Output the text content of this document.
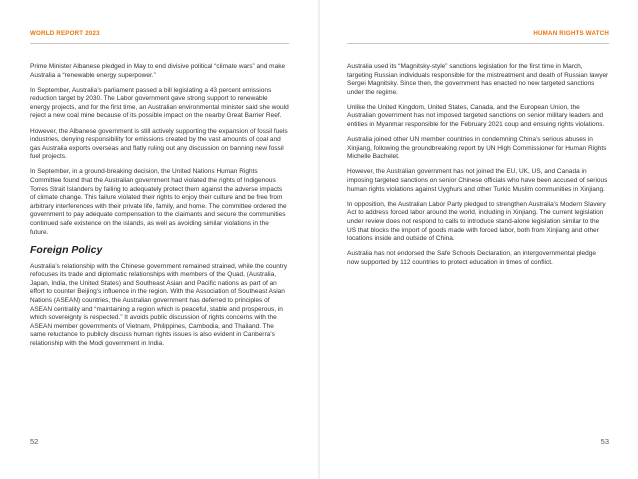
WORLD REPORT 2023

Prime Minister Albanese pledged in May to end divisive political “climate wars” and make Australia a “renewable energy superpower.”

In September, Australia’s parliament passed a bill legislating a 43 percent emissions reduction target by 2030. The Labor government gave strong support to renewable energy projects, and for the first time, an Australian environmental minister said she would reject a new coal mine because of its possible impact on the nearby Great Barrier Reef.

However, the Albanese government is still actively supporting the expansion of fossil fuels industries, denying responsibility for emissions created by the vast amounts of coal and gas Australia exports overseas and flatly ruling out any discussion on banning new fossil fuel projects.

In September, in a ground-breaking decision, the United Nations Human Rights Committee found that the Australian government had violated the rights of Indigenous Torres Strait Islanders by failing to adequately protect them against the adverse impacts of climate change. This failure violated their rights to enjoy their culture and be free from arbitrary interferences with their private life, family, and home. The committee ordered the government to pay adequate compensation to the claimants and secure the communities continued safe existence on the islands, as well as avoiding similar violations in the future.

Foreign Policy

Australia’s relationship with the Chinese government remained strained, while the country refocuses its trade and diplomatic relationships with members of the Quad, (Australia, Japan, India, the United States) and Southeast Asian and Pacific nations as part of an effort to counter Beijing’s influence in the region. With the Association of Southeast Asian Nations (ASEAN) countries, the Australian government has deferred to principles of ASEAN centrality and “maintaining a region which is peaceful, stable and prosperous, in which sovereignty is respected.” It avoids public discussion of rights concerns with the ASEAN member governments of Vietnam, Philippines, Cambodia, and Thailand. The same reluctance to publicly discuss human rights issues is also evident in Canberra’s relationship with the Modi government in India.

52
HUMAN RIGHTS WATCH

Australia used its “Magnitsky-style” sanctions legislation for the first time in March, targeting Russian individuals responsible for the mistreatment and death of Russian lawyer Sergei Magnitsky. Since then, the government has enacted no new targeted sanctions under the regime.

Unlike the United Kingdom, United States, Canada, and the European Union, the Australian government has not imposed targeted sanctions on senior military leaders and entities in Myanmar responsible for the February 2021 coup and ensuing rights violations.

Australia joined other UN member countries in condemning China’s serious abuses in Xinjiang, following the groundbreaking report by UN High Commissioner for Human Rights Michelle Bachelet.

However, the Australian government has not joined the EU, UK, US, and Canada in imposing targeted sanctions on senior Chinese officials who have been accused of serious human rights violations against Uyghurs and other Turkic Muslim communities in Xinjiang.

In opposition, the Australian Labor Party pledged to strengthen Australia’s Modern Slavery Act to address forced labor around the world, including in Xinjiang. The current legislation under review does not respond to calls to introduce stand-alone legislation similar to the US that blocks the import of goods made with forced labor, both from Xinjiang and other locations inside and outside of China.

Australia has not endorsed the Safe Schools Declaration, an intergovernmental pledge now supported by 112 countries to protect education in times of conflict.

53
